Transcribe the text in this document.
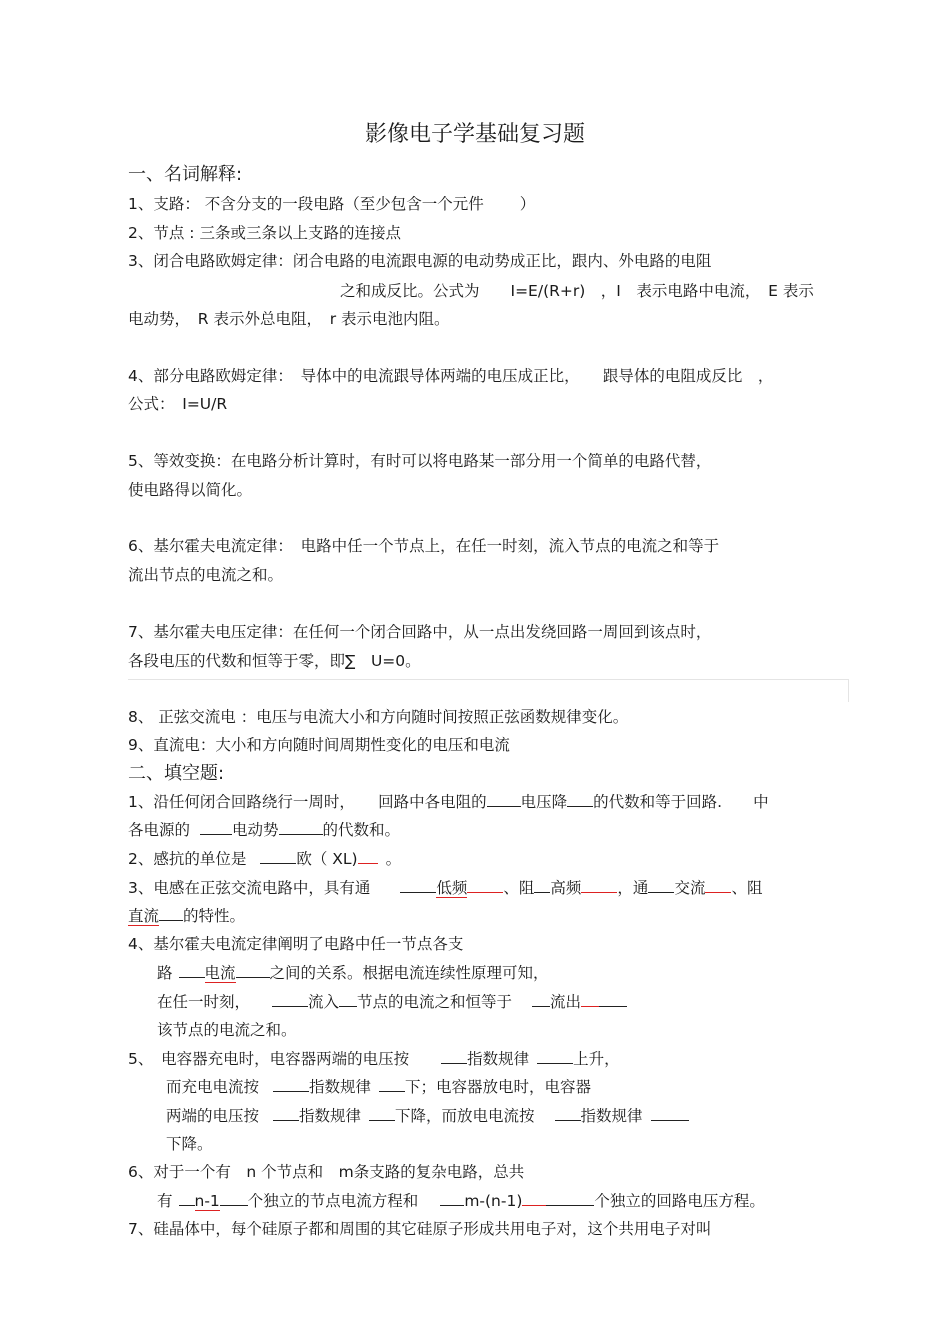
影像电子学基础复习题
一、名词解释:
1、支路： 不含分支的一段电路（至少包含一个元件　　 ）
2、节点 : 三条或三条以上支路的连接点
3、闭合电路欧姆定律：闭合电路的电流跟电源的电动势成正比，跟内、外电路的电阻
之和成反比。公式为　　I=E/(R+r)　，I　表示电路中电流，　E 表示
电动势，　R 表示外总电阻，　r 表示电池内阻。
4、部分电路欧姆定律：　导体中的电流跟导体两端的电压成正比，　　跟导体的电阻成反比　，
公式：　I=U/R
5、等效变换：在电路分析计算时，有时可以将电路某一部分用一个简单的电路代替，
使电路得以简化。
6、基尔霍夫电流定律：　电路中任一个节点上，在任一时刻，流入节点的电流之和等于
流出节点的电流之和。
7、基尔霍夫电压定律：在任何一个闭合回路中，从一点出发绕回路一周回到该点时，
各段电压的代数和恒等于零，即∑　U=0。
8、 正弦交流电 ：电压与电流大小和方向随时间按照正弦函数规律变化。
9、直流电：大小和方向随时间周期性变化的电压和电流
二、填空题:
1、沿任何闭合回路绕行一周时，　　回路中各电阻的 电压降 的代数和等于回路.　　中
各电源的	电动势	的代数和。
2、感抗的单位是	欧（ XL) 。
3、电感在正弦交流电路中，具有通	低频 、阻 高频 ，通 交流 、阻
直流 的特性。
4、基尔霍夫电流定律阐明了电路中任一节点各支
路 电流 之间的关系。根据电流连续性原理可知，
在任一时刻，	流入 节点的电流之和恒等于 流出
该节点的电流之和。
5、　电容器充电时，电容器两端的电压按	指数规律	上升，
而充电电流按	指数规律 下；电容器放电时，电容器
两端的电压按	指数规律 下降，而放电电流按	指数规律
下降。
6、对于一个有　n 个节点和　m条支路的复杂电路，总共
有 n-1 个独立的节点电流方程和	m-(n-1)	个独立的回路电压方程。
7、硅晶体中，每个硅原子都和周围的其它硅原子形成共用电子对，这个共用电子对叫
